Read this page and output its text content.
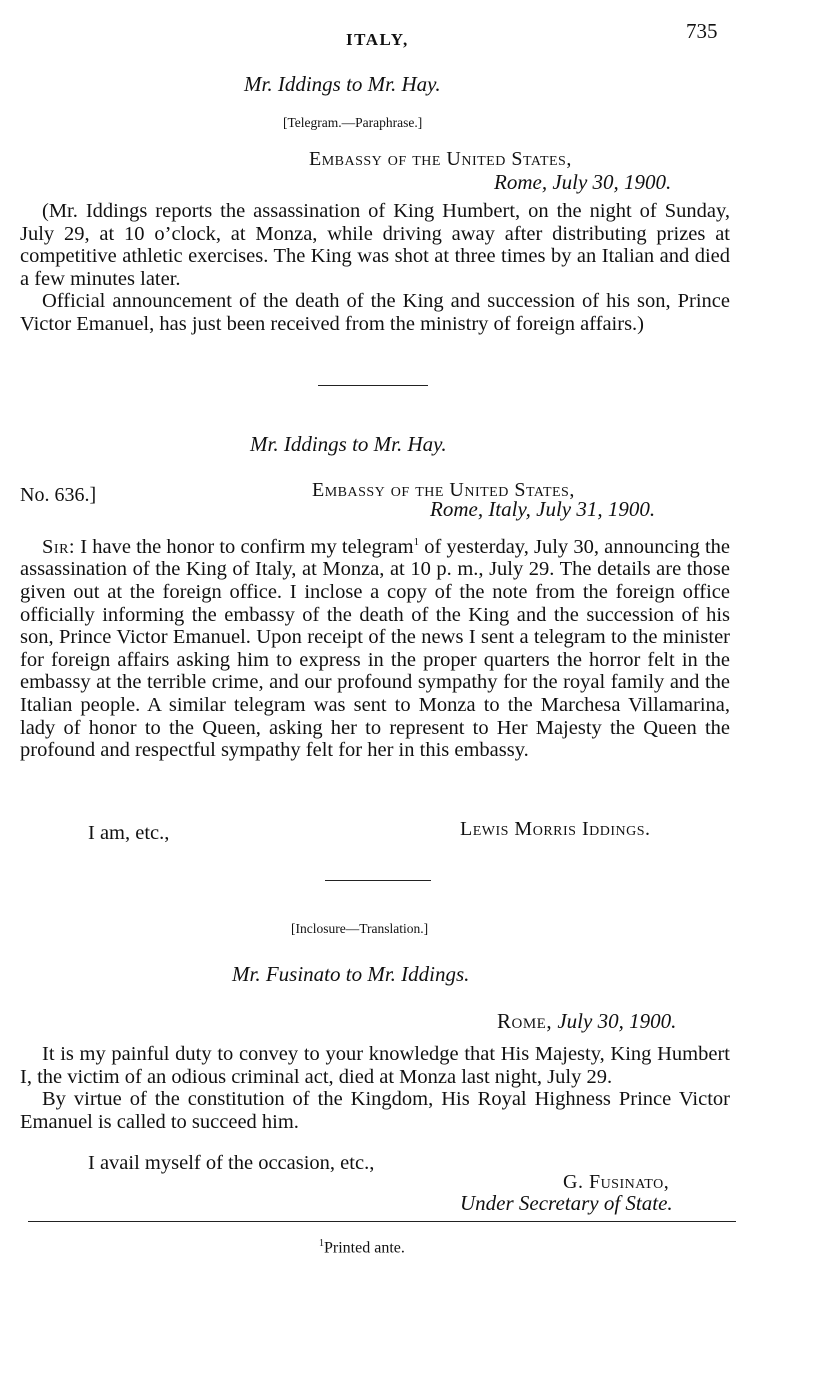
ITALY,	735
Mr. Iddings to Mr. Hay.
[Telegram.—Paraphrase.]
Embassy of the United States,
Rome, July 30, 1900.

(Mr. Iddings reports the assassination of King Humbert, on the night of Sunday, July 29, at 10 o’clock, at Monza, while driving away after distributing prizes at competitive athletic exercises. The King was shot at three times by an Italian and died a few minutes later.

Official announcement of the death of the King and succession of his son, Prince Victor Emanuel, has just been received from the ministry of foreign affairs.)

Mr. Iddings to Mr. Hay.
No. 636.]	Embassy of the United States,
Rome, Italy, July 31, 1900.

Sir: I have the honor to confirm my telegram$^1$ of yesterday, July 30, announcing the assassination of the King of Italy, at Monza, at 10 p. m., July 29. The details are those given out at the foreign office. I inclose a copy of the note from the foreign office officially informing the embassy of the death of the King and the succession of his son, Prince Victor Emanuel. Upon receipt of the news I sent a telegram to the minister for foreign affairs asking him to express in the proper quarters the horror felt in the embassy at the terrible crime, and our profound sympathy for the royal family and the Italian people. A similar telegram was sent to Monza to the Marchesa Villamarina, lady of honor to the Queen, asking her to represent to Her Majesty the Queen the profound and respectful sympathy felt for her in this embassy.

I am, etc.,	Lewis Morris Iddings.
[Inclosure—Translation.]
Mr. Fusinato to Mr. Iddings.
Rome, July 30, 1900.

It is my painful duty to convey to your knowledge that His Majesty, King Humbert I, the victim of an odious criminal act, died at Monza last night, July 29.

By virtue of the constitution of the Kingdom, His Royal Highness Prince Victor Emanuel is called to succeed him.

I avail myself of the occasion, etc.,
G. Fusinato,
Under Secretary of State.
$^1$Printed ante.
